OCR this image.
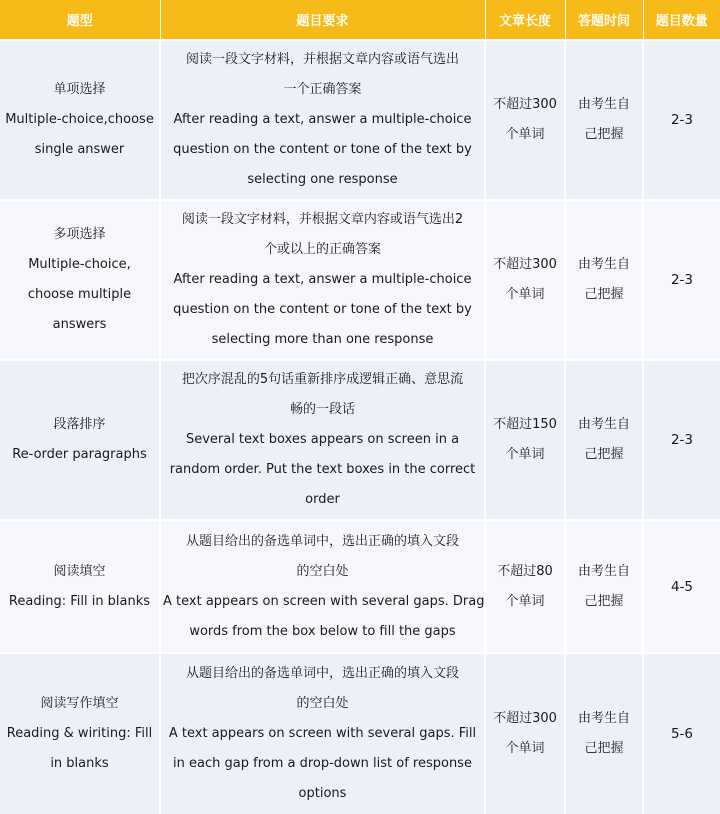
题型	题目要求	文章长度	答题时间	题目数量

单项选择
Multiple-choice,choose
single answer	阅读一段文字材料，并根据文章内容或语气选出
一个正确答案
After reading a text, answer a multiple-choice
question on the content or tone of the text by
selecting one response	不超过300
个单词	由考生自
己把握	2-3

多项选择
Multiple-choice,
choose multiple
answers	阅读一段文字材料，并根据文章内容或语气选出2
个或以上的正确答案
After reading a text, answer a multiple-choice
question on the content or tone of the text by
selecting more than one response	不超过300
个单词	由考生自
己把握	2-3

段落排序
Re-order paragraphs	把次序混乱的5句话重新排序成逻辑正确、意思流
畅的一段话
Several text boxes appears on screen in a
random order. Put the text boxes in the correct
order	不超过150
个单词	由考生自
己把握	2-3

阅读填空
Reading: Fill in blanks	从题目给出的备选单词中，选出正确的填入文段
的空白处
A text appears on screen with several gaps. Drag
words from the box below to fill the gaps	不超过80
个单词	由考生自
己把握	4-5

阅读写作填空
Reading & wiriting: Fill
in blanks	从题目给出的备选单词中，选出正确的填入文段
的空白处
A text appears on screen with several gaps. Fill
in each gap from a drop-down list of response
options	不超过300
个单词	由考生自
己把握	5-6
